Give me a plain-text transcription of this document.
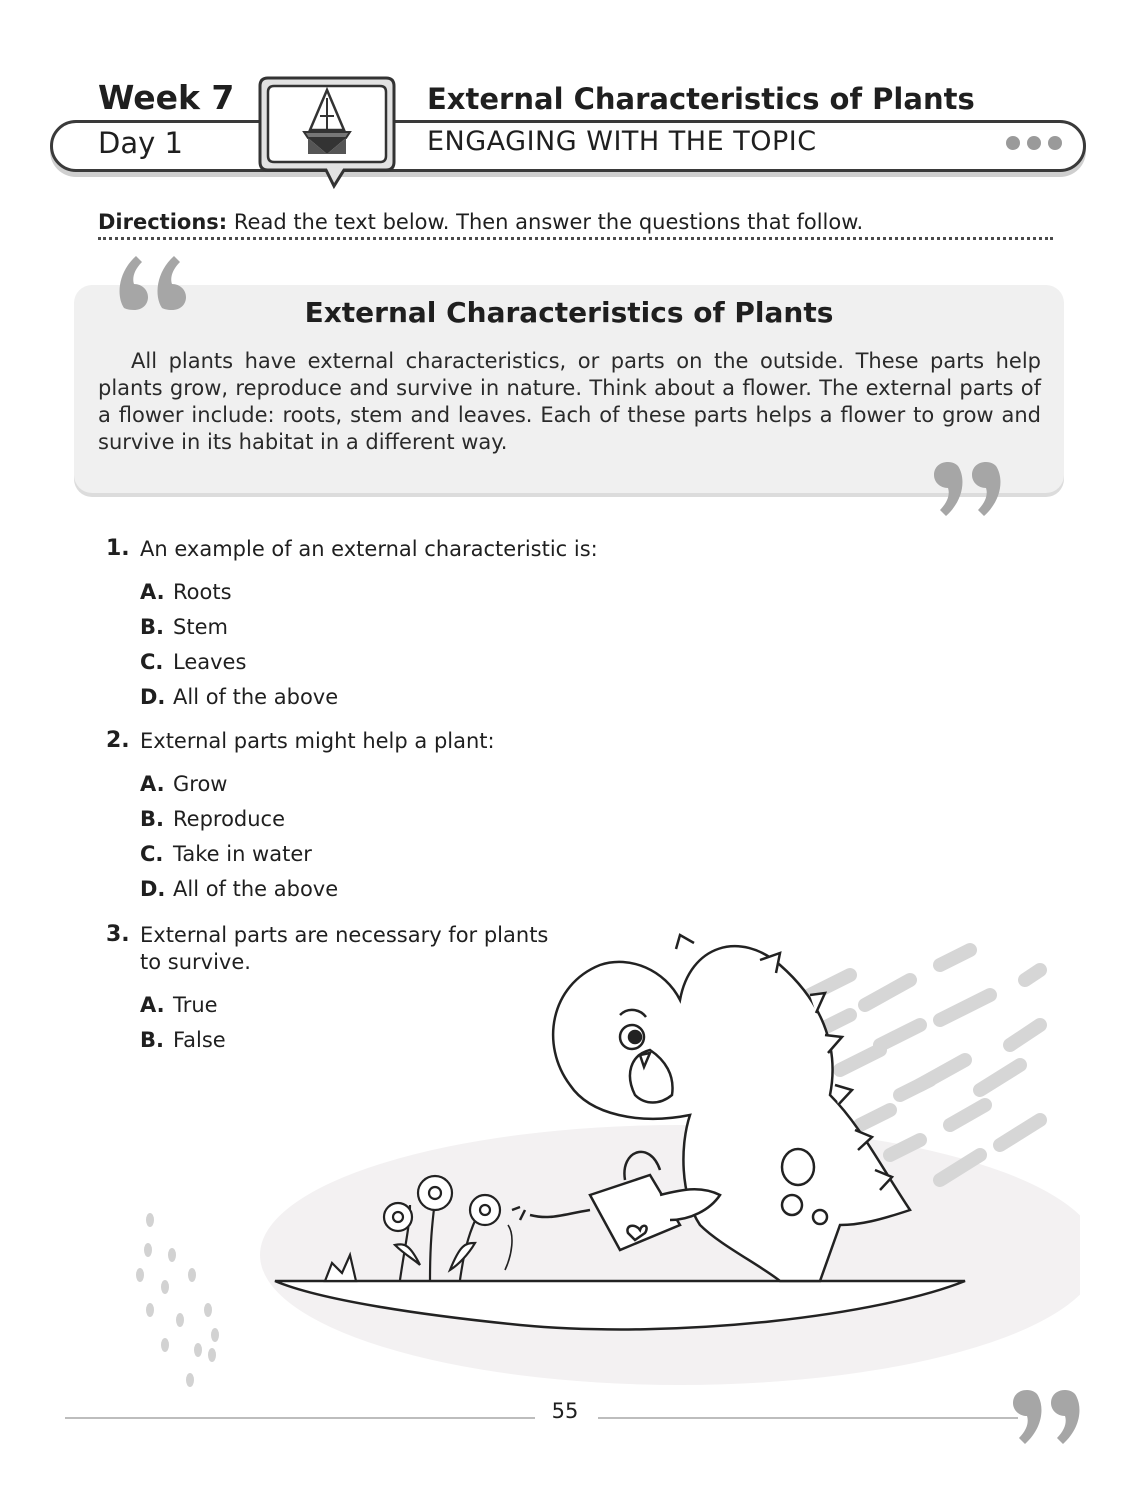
Week 7
Day 1
External Characteristics of Plants
ENGAGING WITH THE TOPIC
Directions: Read the text below. Then answer the questions that follow.
External Characteristics of Plants
All plants have external characteristics, or parts on the outside. These parts help plants grow, reproduce and survive in nature. Think about a flower. The external parts of a flower include: roots, stem and leaves. Each of these parts helps a flower to grow and survive in its habitat in a different way.
1. An example of an external characteristic is:
A. Roots
B. Stem
C. Leaves
D. All of the above
2. External parts might help a plant:
A. Grow
B. Reproduce
C. Take in water
D. All of the above
3. External parts are necessary for plants
to survive.
A. True
B. False
55
